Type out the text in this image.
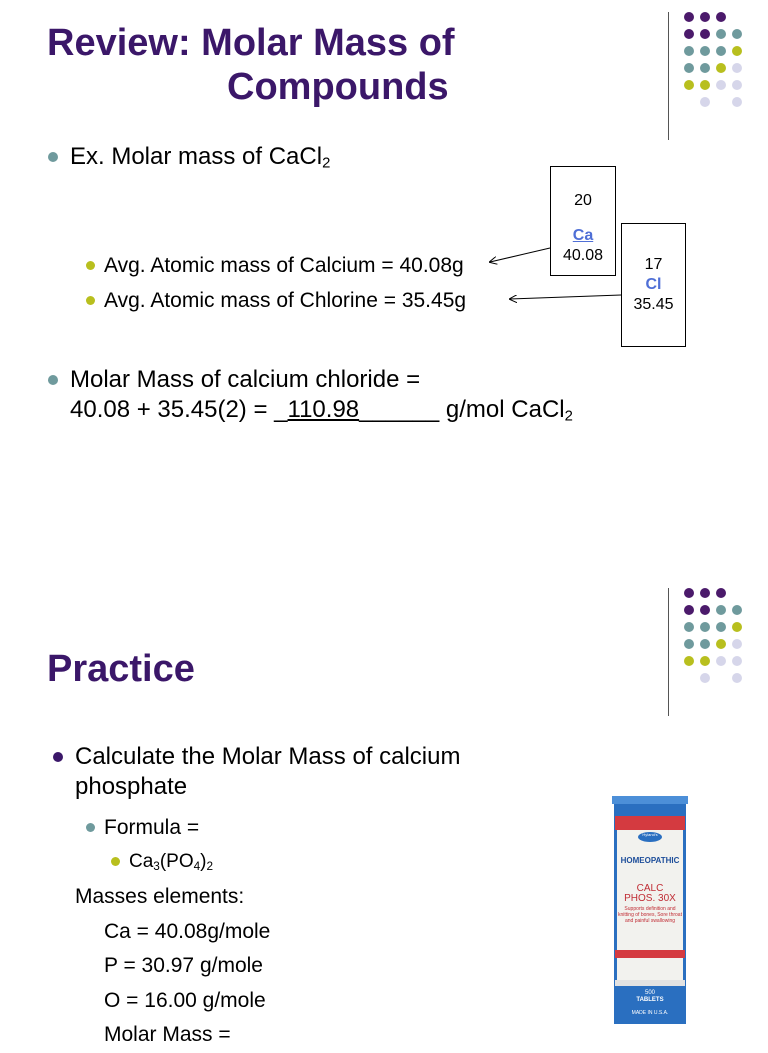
Review: Molar Mass of
Compounds
Ex. Molar mass of CaCl$_2$
Avg. Atomic mass of Calcium = 40.08g
Avg. Atomic mass of Chlorine = 35.45g
20
Ca
40.08
17
Cl
35.45
Molar Mass of calcium chloride =
40.08 + 35.45(2) = _110.98______ g/mol CaCl$_2$
Practice
Calculate the Molar Mass of calcium
phosphate
Formula =
$Ca_3(PO_4)_2$
Masses elements:
Ca = 40.08g/mole
P = 30.97 g/mole
O = 16.00 g/mole
Molar Mass =
Hyland's
HOMEOPATHIC
CALC
PHOS. 30X
Supports definition and knitting of bones, Sore throat and painful swallowing
500
TABLETS
MADE IN U.S.A.
